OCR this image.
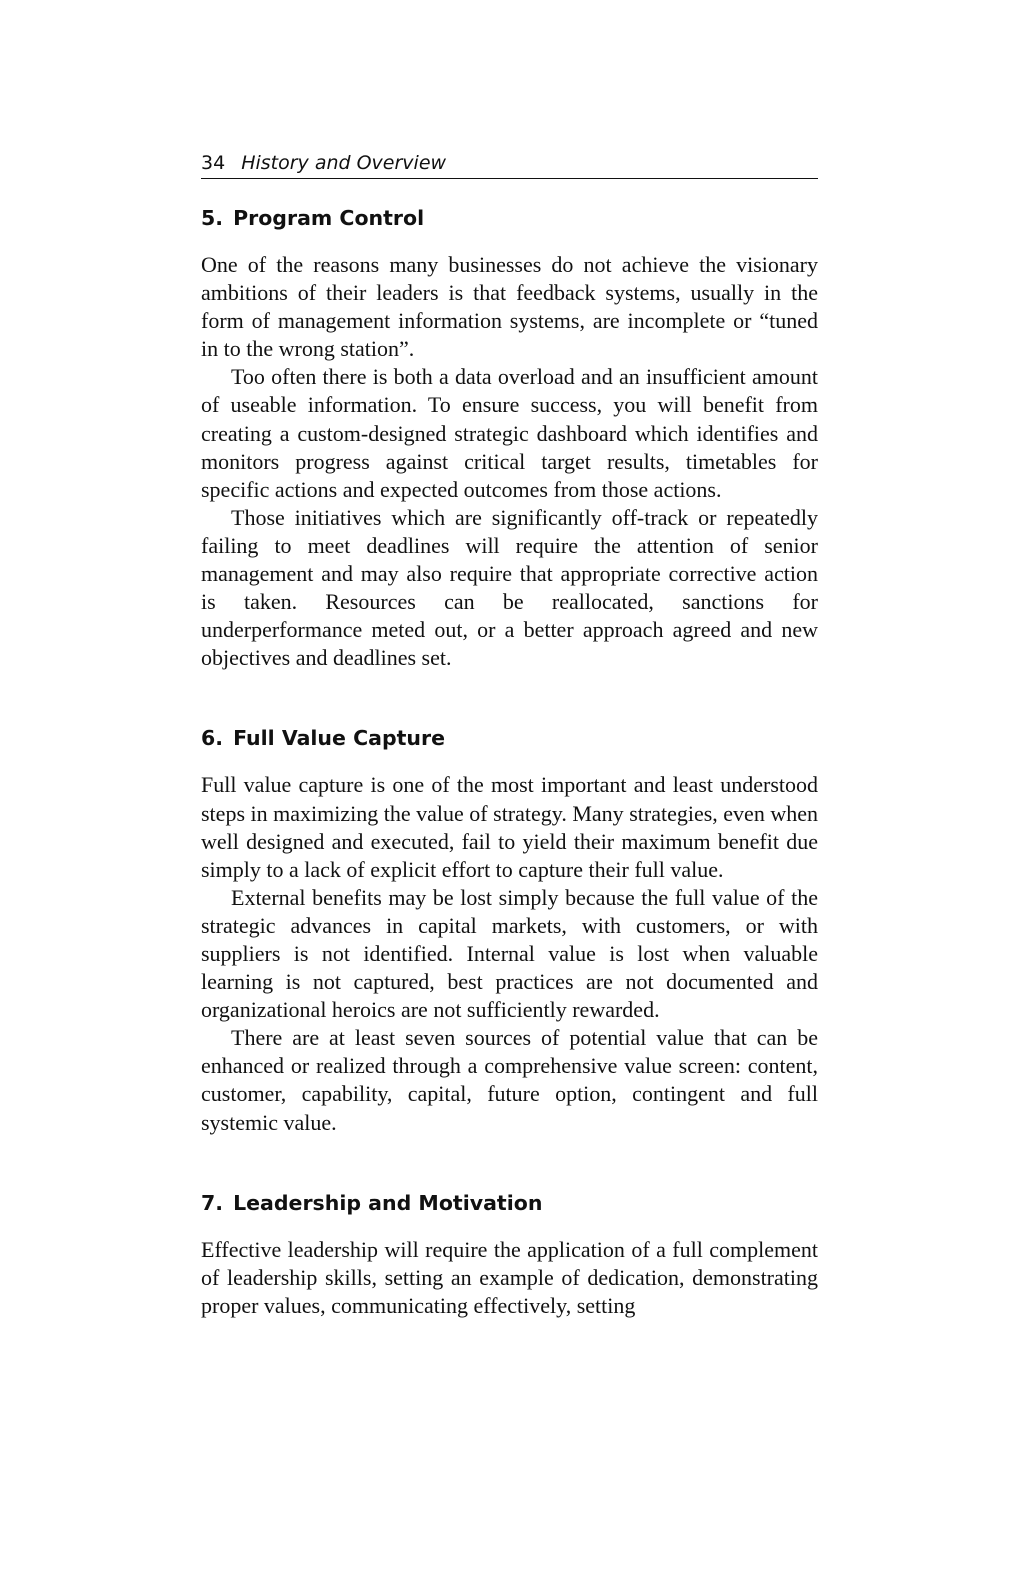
34 History and Overview
5. Program Control

One of the reasons many businesses do not achieve the visionary ambitions of their leaders is that feedback systems, usually in the form of management information systems, are incomplete or “tuned in to the wrong station”.

Too often there is both a data overload and an insufficient amount of useable information. To ensure success, you will benefit from creating a custom-designed strategic dashboard which identifies and monitors progress against critical target results, timetables for specific actions and expected outcomes from those actions.

Those initiatives which are significantly off-track or repeatedly failing to meet deadlines will require the attention of senior management and may also require that appropriate corrective action is taken. Resources can be reallocated, sanctions for underperformance meted out, or a better approach agreed and new objectives and deadlines set.

6. Full Value Capture

Full value capture is one of the most important and least understood steps in maximizing the value of strategy. Many strategies, even when well designed and executed, fail to yield their maximum benefit due simply to a lack of explicit effort to capture their full value.

External benefits may be lost simply because the full value of the strategic advances in capital markets, with customers, or with suppliers is not identified. Internal value is lost when valuable learning is not captured, best practices are not documented and organizational heroics are not sufficiently rewarded.

There are at least seven sources of potential value that can be enhanced or realized through a comprehensive value screen: content, customer, capability, capital, future option, contingent and full systemic value.

7. Leadership and Motivation

Effective leadership will require the application of a full complement of leadership skills, setting an example of dedication, demonstrating proper values, communicating effectively, setting
